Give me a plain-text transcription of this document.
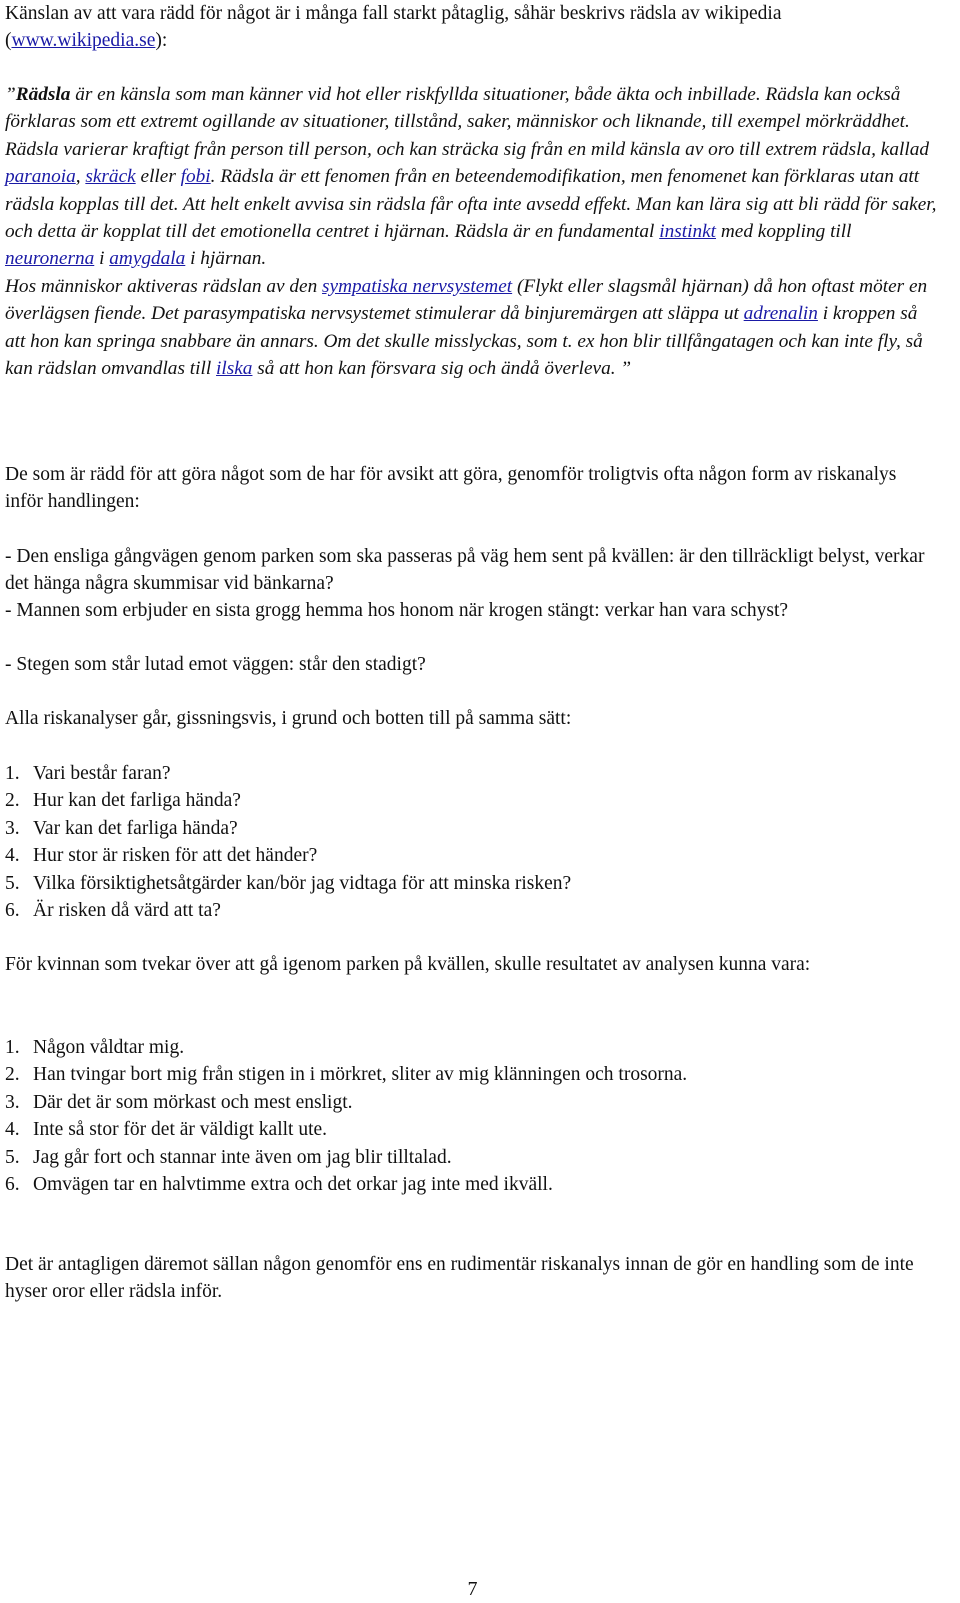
Känslan av att vara rädd för något är i många fall starkt påtaglig, såhär beskrivs rädsla av wikipedia (www.wikipedia.se):

”Rädsla är en känsla som man känner vid hot eller riskfyllda situationer, både äkta och inbillade. Rädsla kan också förklaras som ett extremt ogillande av situationer, tillstånd, saker, människor och liknande, till exempel mörkräddhet. Rädsla varierar kraftigt från person till person, och kan sträcka sig från en mild känsla av oro till extrem rädsla, kallad paranoia, skräck eller fobi. Rädsla är ett fenomen från en beteendemodifikation, men fenomenet kan förklaras utan att rädsla kopplas till det. Att helt enkelt avvisa sin rädsla får ofta inte avsedd effekt. Man kan lära sig att bli rädd för saker, och detta är kopplat till det emotionella centret i hjärnan. Rädsla är en fundamental instinkt med koppling till neuronerna i amygdala i hjärnan.
Hos människor aktiveras rädslan av den sympatiska nervsystemet (Flykt eller slagsmål hjärnan) då hon oftast möter en överlägsen fiende. Det parasympatiska nervsystemet stimulerar då binjuremärgen att släppa ut adrenalin i kroppen så att hon kan springa snabbare än annars. Om det skulle misslyckas, som t. ex hon blir tillfångatagen och kan inte fly, så kan rädslan omvandlas till ilska så att hon kan försvara sig och ändå överleva. ”

De som är rädd för att göra något som de har för avsikt att göra, genomför troligtvis ofta någon form av riskanalys inför handlingen:

- Den ensliga gångvägen genom parken som ska passeras på väg hem sent på kvällen: är den tillräckligt belyst, verkar det hänga några skummisar vid bänkarna?

- Mannen som erbjuder en sista grogg hemma hos honom när krogen stängt: verkar han vara schyst?

- Stegen som står lutad emot väggen: står den stadigt?

Alla riskanalyser går, gissningsvis, i grund och botten till på samma sätt:

1. Vari består faran?
2. Hur kan det farliga hända?
3. Var kan det farliga hända?
4. Hur stor är risken för att det händer?
5. Vilka försiktighetsåtgärder kan/bör jag vidtaga för att minska risken?
6. Är risken då värd att ta?

För kvinnan som tvekar över att gå igenom parken på kvällen, skulle resultatet av analysen kunna vara:

1. Någon våldtar mig.
2. Han tvingar bort mig från stigen in i mörkret, sliter av mig klänningen och trosorna.
3. Där det är som mörkast och mest ensligt.
4. Inte så stor för det är väldigt kallt ute.
5. Jag går fort och stannar inte även om jag blir tilltalad.
6. Omvägen tar en halvtimme extra och det orkar jag inte med ikväll.

Det är antagligen däremot sällan någon genomför ens en rudimentär riskanalys innan de gör en handling som de inte hyser oror eller rädsla inför.

7
